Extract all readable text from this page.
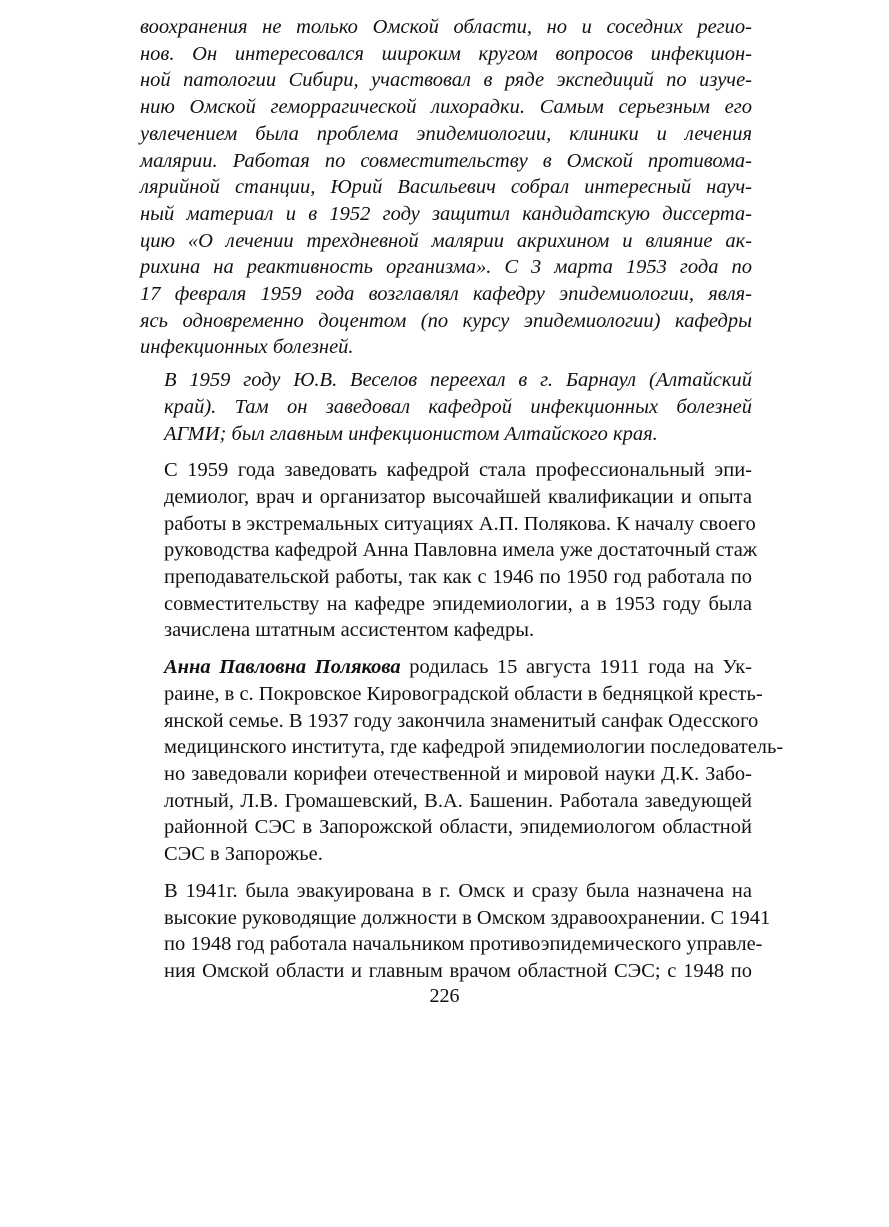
воохранения не только Омской области, но и соседних регио-
нов. Он интересовался широким кругом вопросов инфекцион-
ной патологии Сибири, участвовал в ряде экспедиций по изуче-
нию Омской геморрагической лихорадки. Самым серьезным его
увлечением была проблема эпидемиологии, клиники и лечения
малярии. Работая по совместительству в Омской противома-
лярийной станции, Юрий Васильевич собрал интересный науч-
ный материал и в 1952 году защитил кандидатскую диссерта-
цию «О лечении трехдневной малярии акрихином и влияние ак-
рихина на реактивность организма». С 3 марта 1953 года по
17 февраля 1959 года возглавлял кафедру эпидемиологии, явля-
ясь одновременно доцентом (по курсу эпидемиологии) кафедры
инфекционных болезней.

В 1959 году Ю.В. Веселов переехал в г. Барнаул (Алтайский
край). Там он заведовал кафедрой инфекционных болезней
АГМИ; был главным инфекционистом Алтайского края.

С 1959 года заведовать кафедрой стала профессиональный эпи-
демиолог, врач и организатор высочайшей квалификации и опыта
работы в экстремальных ситуациях А.П. Полякова. К началу своего
руководства кафедрой Анна Павловна имела уже достаточный стаж
преподавательской работы, так как с 1946 по 1950 год работала по
совместительству на кафедре эпидемиологии, а в 1953 году была
зачислена штатным ассистентом кафедры.

Анна Павловна Полякова родилась 15 августа 1911 года на Ук-
раине, в с. Покровское Кировоградской области в бедняцкой кресть-
янской семье. В 1937 году закончила знаменитый санфак Одесского
медицинского института, где кафедрой эпидемиологии последователь-
но заведовали корифеи отечественной и мировой науки Д.К. Забо-
лотный, Л.В. Громашевский, В.А. Башенин. Работала заведующей
районной СЭС в Запорожской области, эпидемиологом областной
СЭС в Запорожье.

В 1941г. была эвакуирована в г. Омск и сразу была назначена на
высокие руководящие должности в Омском здравоохранении. С 1941
по 1948 год работала начальником противоэпидемического управле-
ния Омской области и главным врачом областной СЭС; с 1948 по

226
